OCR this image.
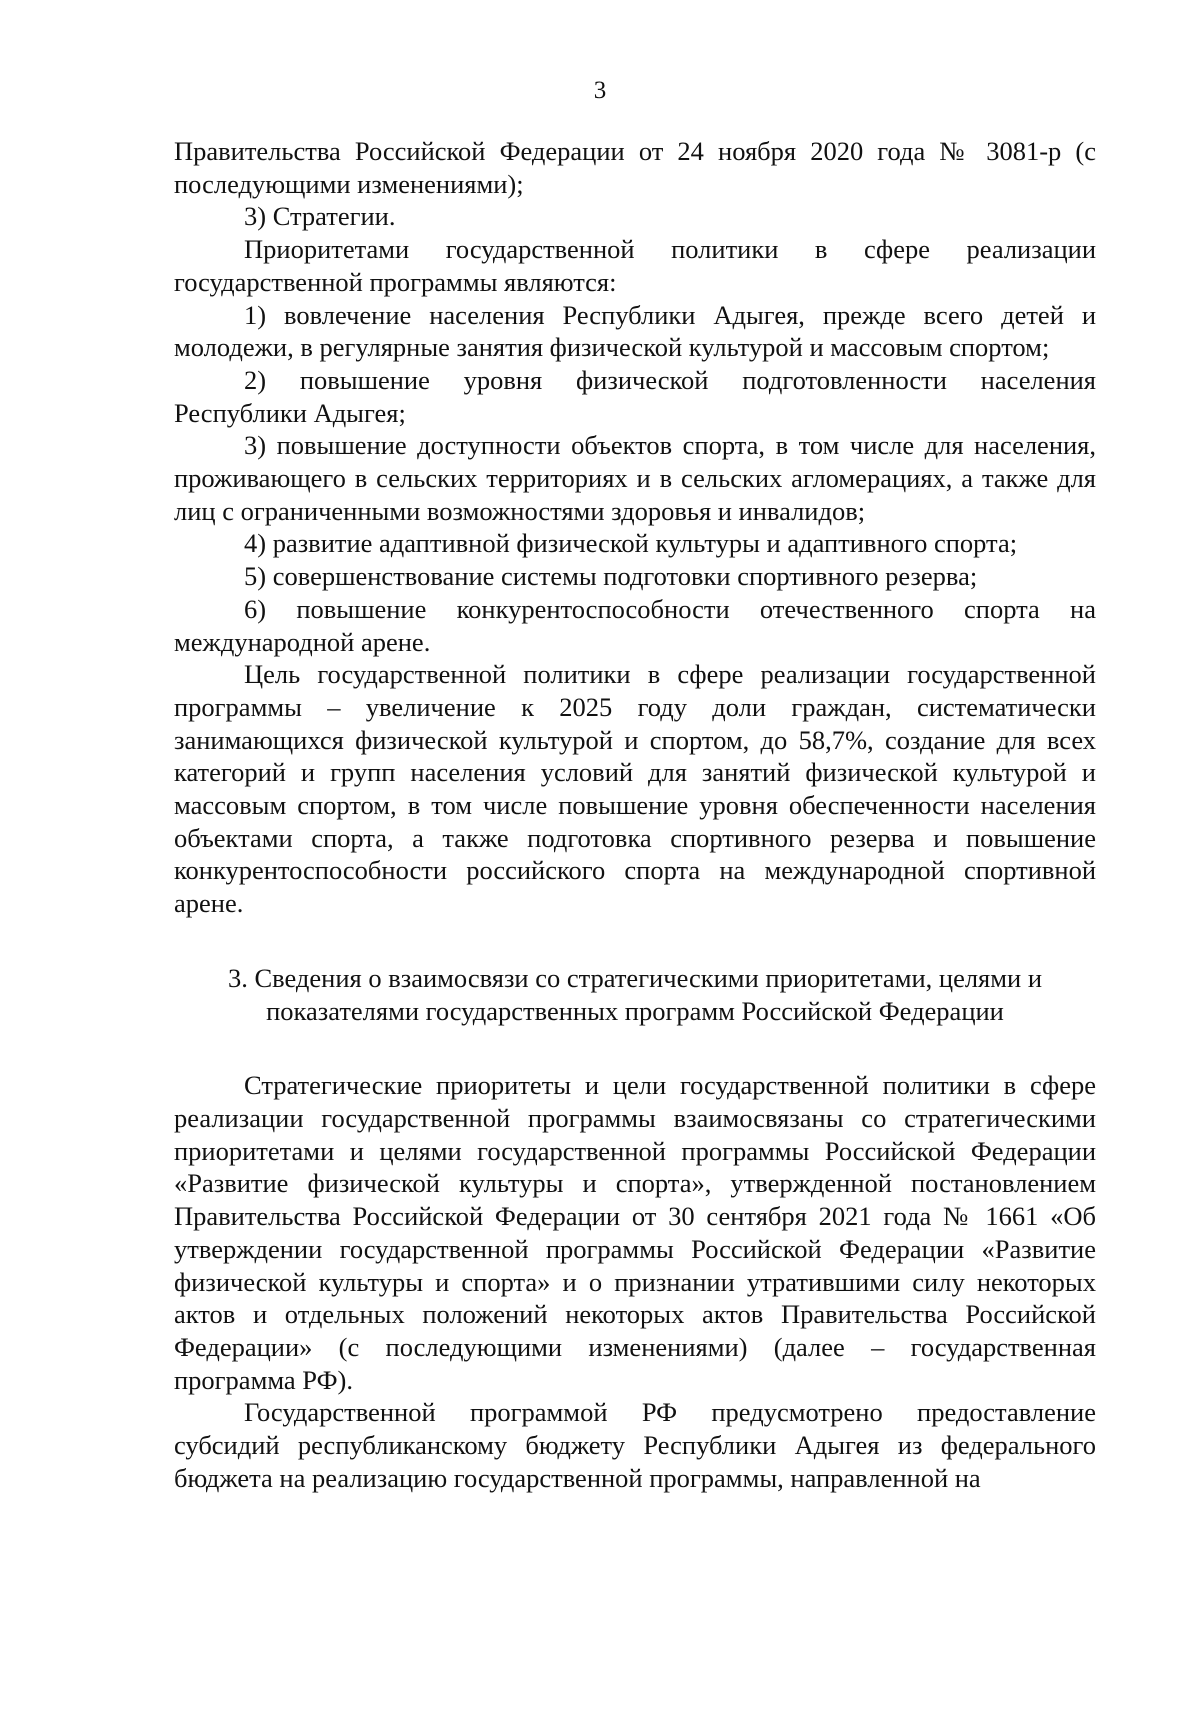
3

Правительства Российской Федерации от 24 ноября 2020 года № 3081-р (с последующими изменениями);

3) Стратегии.

Приоритетами государственной политики в сфере реализации государственной программы являются:

1) вовлечение населения Республики Адыгея, прежде всего детей и молодежи, в регулярные занятия физической культурой и массовым спортом;

2) повышение уровня физической подготовленности населения Республики Адыгея;

3) повышение доступности объектов спорта, в том числе для населения, проживающего в сельских территориях и в сельских агломерациях, а также для лиц с ограниченными возможностями здоровья и инвалидов;

4) развитие адаптивной физической культуры и адаптивного спорта;

5) совершенствование системы подготовки спортивного резерва;

6) повышение конкурентоспособности отечественного спорта на международной арене.

Цель государственной политики в сфере реализации государственной программы – увеличение к 2025 году доли граждан, систематически занимающихся физической культурой и спортом, до 58,7%, создание для всех категорий и групп населения условий для занятий физической культурой и массовым спортом, в том числе повышение уровня обеспеченности населения объектами спорта, а также подготовка спортивного резерва и повышение конкурентоспособности российского спорта на международной спортивной арене.

3. Сведения о взаимосвязи со стратегическими приоритетами, целями и
показателями государственных программ Российской Федерации

Стратегические приоритеты и цели государственной политики в сфере реализации государственной программы взаимосвязаны со стратегическими приоритетами и целями государственной программы Российской Федерации «Развитие физической культуры и спорта», утвержденной постановлением Правительства Российской Федерации от 30 сентября 2021 года № 1661 «Об утверждении государственной программы Российской Федерации «Развитие физической культуры и спорта» и о признании утратившими силу некоторых актов и отдельных положений некоторых актов Правительства Российской Федерации» (с последующими изменениями) (далее – государственная программа РФ).

Государственной программой РФ предусмотрено предоставление субсидий республиканскому бюджету Республики Адыгея из федерального бюджета на реализацию государственной программы, направленной на
